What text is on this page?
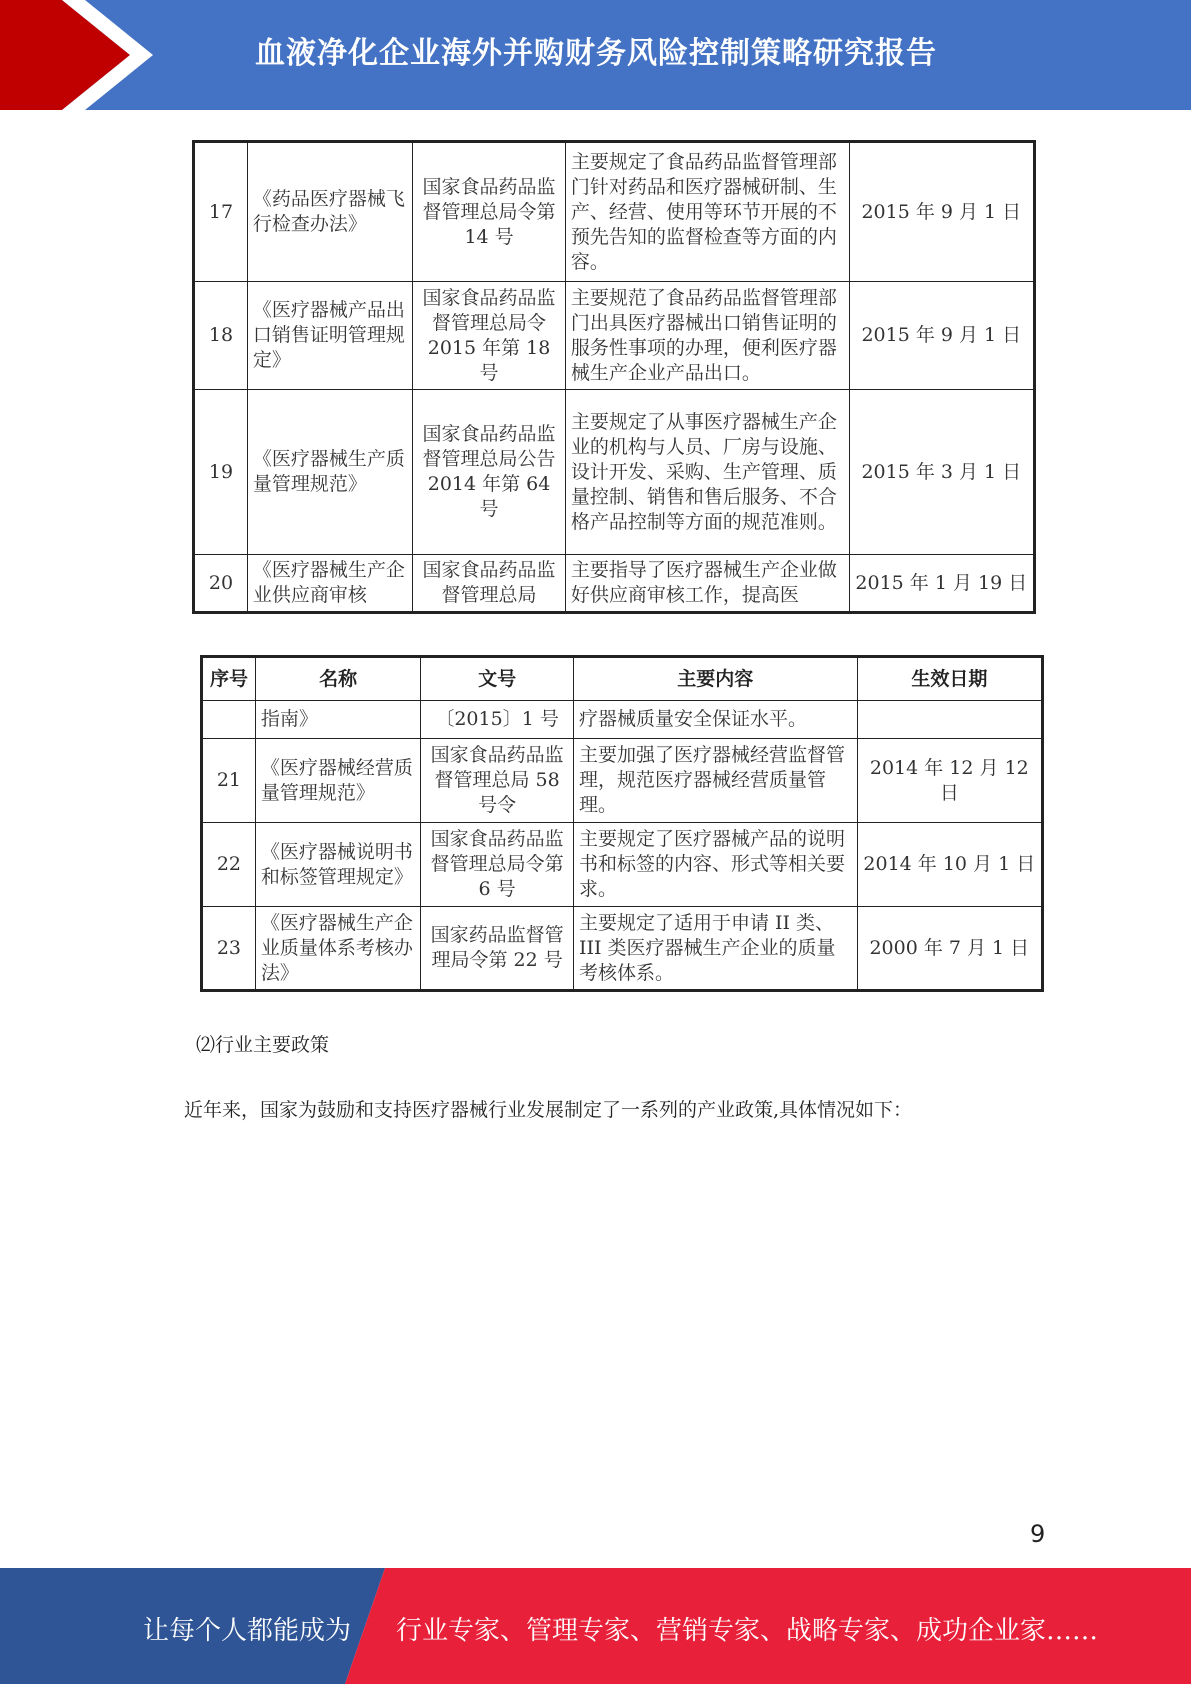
血液净化企业海外并购财务风险控制策略研究报告
17	《药品医疗器械飞行检查办法》	国家食品药品监督管理总局令第 14 号	主要规定了食品药品监督管理部门针对药品和医疗器械研制、生产、经营、使用等环节开展的不预先告知的监督检查等方面的内容。	2015 年 9 月 1 日
18	《医疗器械产品出口销售证明管理规定》	国家食品药品监督管理总局令 2015 年第 18 号	主要规范了食品药品监督管理部门出具医疗器械出口销售证明的服务性事项的办理，便利医疗器械生产企业产品出口。	2015 年 9 月 1 日
19	《医疗器械生产质量管理规范》	国家食品药品监督管理总局公告 2014 年第 64 号	主要规定了从事医疗器械生产企业的机构与人员、厂房与设施、设计开发、采购、生产管理、质量控制、销售和售后服务、不合格产品控制等方面的规范准则。	2015 年 3 月 1 日
20	《医疗器械生产企业供应商审核	国家食品药品监督管理总局	主要指导了医疗器械生产企业做好供应商审核工作，提高医	2015 年 1 月 19 日
序号	名称	文号	主要内容	生效日期
	指南》	〔2015〕1 号	疗器械质量安全保证水平。	
21	《医疗器械经营质量管理规范》	国家食品药品监督管理总局 58 号令	主要加强了医疗器械经营监督管理，规范医疗器械经营质量管理。	2014 年 12 月 12 日
22	《医疗器械说明书和标签管理规定》	国家食品药品监督管理总局令第 6 号	主要规定了医疗器械产品的说明书和标签的内容、形式等相关要求。	2014 年 10 月 1 日
23	《医疗器械生产企业质量体系考核办法》	国家药品监督管理局令第 22 号	主要规定了适用于申请 II 类、III 类医疗器械生产企业的质量考核体系。	2000 年 7 月 1 日
⑵行业主要政策
近年来，国家为鼓励和支持医疗器械行业发展制定了一系列的产业政策,具体情况如下：
9
让每个人都能成为 行业专家、管理专家、营销专家、战略专家、成功企业家……
